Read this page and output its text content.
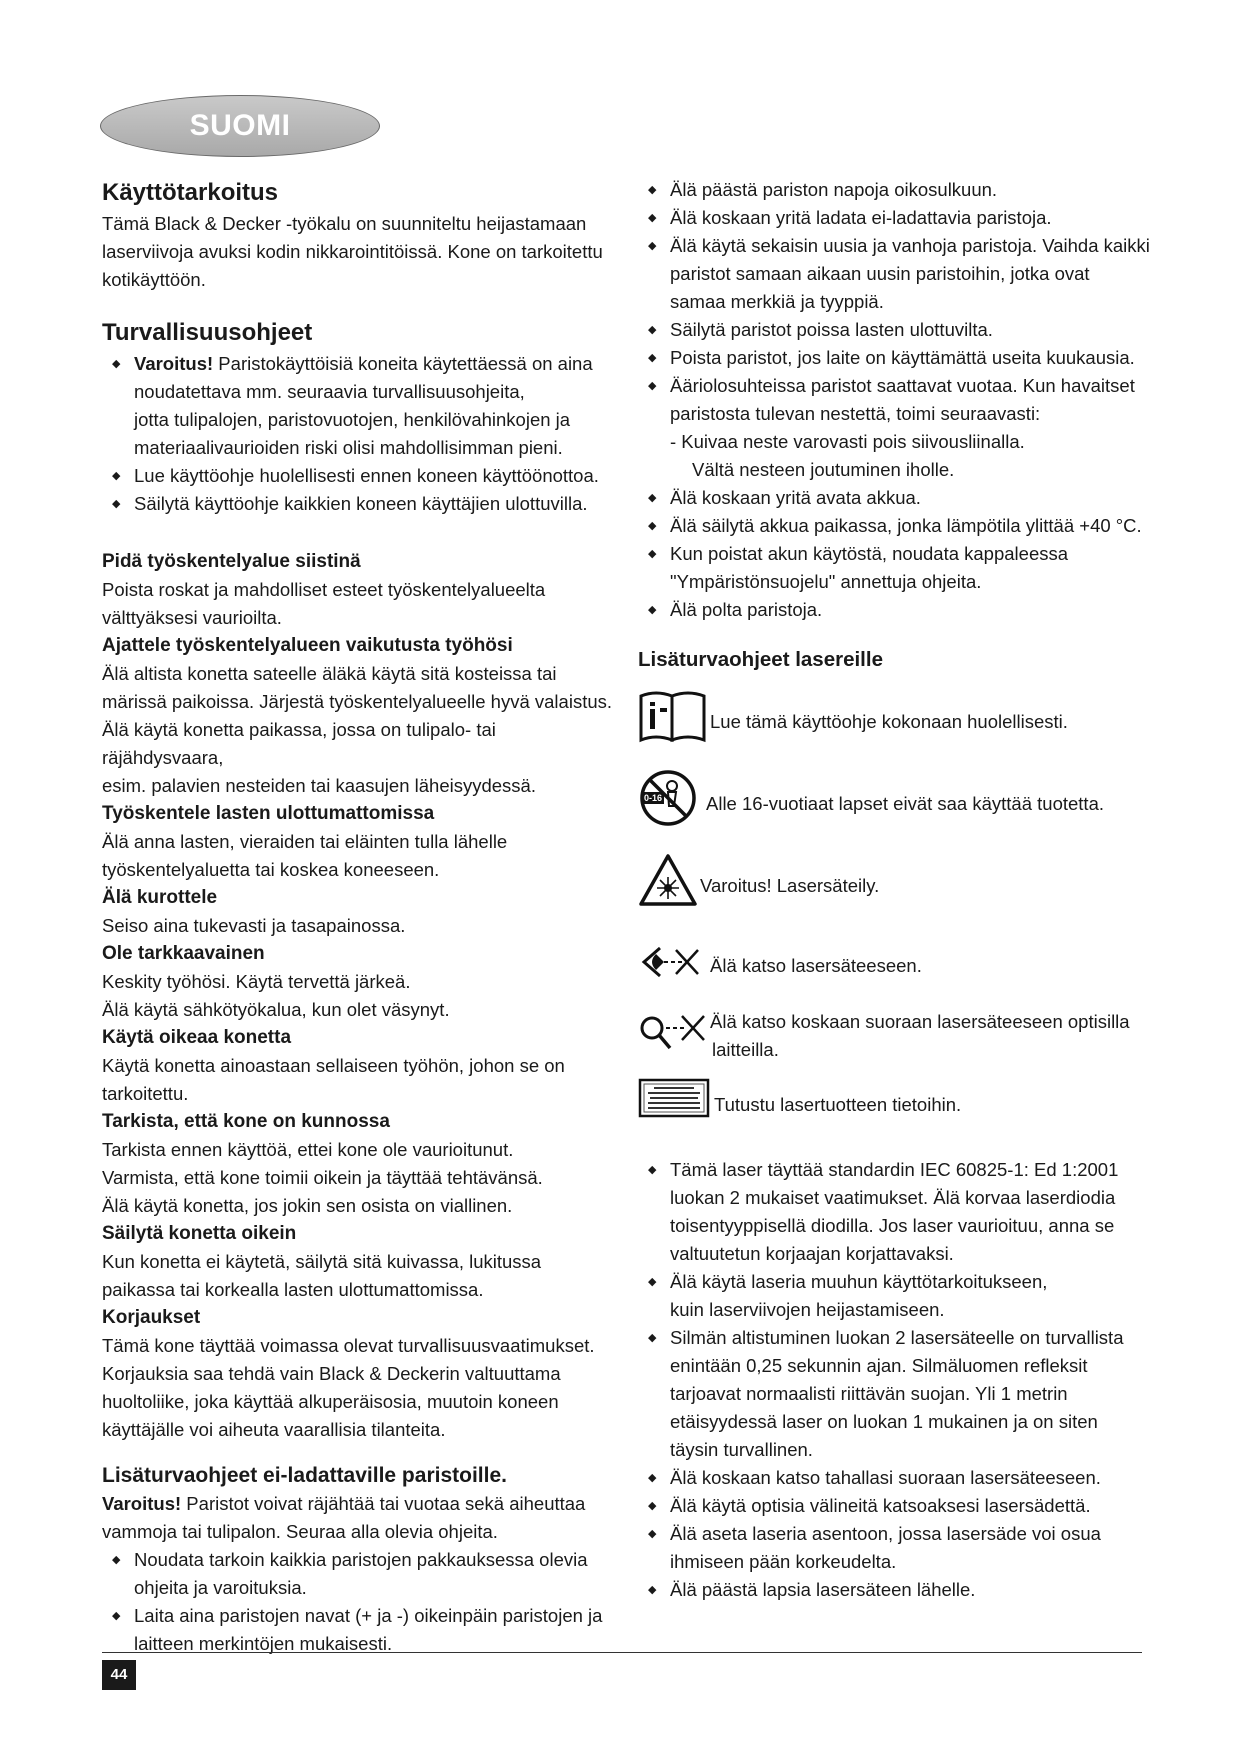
SUOMI
Käyttötarkoitus

Tämä Black & Decker -työkalu on suunniteltu heijastamaan
laserviivoja avuksi kodin nikkarointitöissä. Kone on tarkoitettu
kotikäyttöön.

Turvallisuusohjeet
◆ Varoitus! Paristokäyttöisiä koneita käytettäessä on aina
noudatettava mm. seuraavia turvallisuusohjeita,
jotta tulipalojen, paristovuotojen, henkilövahinkojen ja
materiaalivaurioiden riski olisi mahdollisimman pieni.
◆ Lue käyttöohje huolellisesti ennen koneen käyttöönottoa.
◆ Säilytä käyttöohje kaikkien koneen käyttäjien ulottuvilla.
Pidä työskentelyalue siistinä

Poista roskat ja mahdolliset esteet työskentelyalueelta
välttyäksesi vaurioilta.

Ajattele työskentelyalueen vaikutusta työhösi

Älä altista konetta sateelle äläkä käytä sitä kosteissa tai
märissä paikoissa. Järjestä työskentelyalueelle hyvä valaistus.
Älä käytä konetta paikassa, jossa on tulipalo- tai räjähdysvaara,
esim. palavien nesteiden tai kaasujen läheisyydessä.

Työskentele lasten ulottumattomissa

Älä anna lasten, vieraiden tai eläinten tulla lähelle
työskentelyaluetta tai koskea koneeseen.

Älä kurottele

Seiso aina tukevasti ja tasapainossa.

Ole tarkkaavainen

Keskity työhösi. Käytä tervettä järkeä.
Älä käytä sähkötyökalua, kun olet väsynyt.

Käytä oikeaa konetta

Käytä konetta ainoastaan sellaiseen työhön, johon se on
tarkoitettu.

Tarkista, että kone on kunnossa

Tarkista ennen käyttöä, ettei kone ole vaurioitunut.
Varmista, että kone toimii oikein ja täyttää tehtävänsä.
Älä käytä konetta, jos jokin sen osista on viallinen.

Säilytä konetta oikein

Kun konetta ei käytetä, säilytä sitä kuivassa, lukitussa
paikassa tai korkealla lasten ulottumattomissa.

Korjaukset

Tämä kone täyttää voimassa olevat turvallisuusvaatimukset.
Korjauksia saa tehdä vain Black & Deckerin valtuuttama
huoltoliike, joka käyttää alkuperäisosia, muutoin koneen
käyttäjälle voi aiheuta vaarallisia tilanteita.

Lisäturvaohjeet ei-ladattaville paristoille.

Varoitus! Paristot voivat räjähtää tai vuotaa sekä aiheuttaa
vammoja tai tulipalon. Seuraa alla olevia ohjeita.

◆ Noudata tarkoin kaikkia paristojen pakkauksessa olevia
ohjeita ja varoituksia.
◆ Laita aina paristojen navat (+ ja -) oikeinpäin paristojen ja
laitteen merkintöjen mukaisesti.
◆ Älä päästä pariston napoja oikosulkuun.
◆ Älä koskaan yritä ladata ei-ladattavia paristoja.
◆ Älä käytä sekaisin uusia ja vanhoja paristoja. Vaihda kaikki
paristot samaan aikaan uusin paristoihin, jotka ovat
samaa merkkiä ja tyyppiä.
◆ Säilytä paristot poissa lasten ulottuvilta.
◆ Poista paristot, jos laite on käyttämättä useita kuukausia.
◆ Ääriolosuhteissa paristot saattavat vuotaa. Kun havaitset
paristosta tulevan nestettä, toimi seuraavasti:
- Kuivaa neste varovasti pois siivousliinalla.

Vältä nesteen joutuminen iholle.
◆ Älä koskaan yritä avata akkua.
◆ Älä säilytä akkua paikassa, jonka lämpötila ylittää +40 °C.
◆ Kun poistat akun käytöstä, noudata kappaleessa
"Ympäristönsuojelu" annettuja ohjeita.
◆ Älä polta paristoja.
Lisäturvaohjeet lasereille
Lue tämä käyttöohje kokonaan huolellisesti.
0-16 Alle 16-vuotiaat lapset eivät saa käyttää tuotetta.
Varoitus! Lasersäteily.
Älä katso lasersäteeseen.
Älä katso koskaan suoraan lasersäteeseen optisilla
laitteilla.
Tutustu lasertuotteen tietoihin.
◆ Tämä laser täyttää standardin IEC 60825-1: Ed 1:2001
luokan 2 mukaiset vaatimukset. Älä korvaa laserdiodia
toisentyyppisellä diodilla. Jos laser vaurioituu, anna se
valtuutetun korjaajan korjattavaksi.
◆ Älä käytä laseria muuhun käyttötarkoitukseen,
kuin laserviivojen heijastamiseen.
◆ Silmän altistuminen luokan 2 lasersäteelle on turvallista
enintään 0,25 sekunnin ajan. Silmäluomen refleksit
tarjoavat normaalisti riittävän suojan. Yli 1 metrin
etäisyydessä laser on luokan 1 mukainen ja on siten
täysin turvallinen.
◆ Älä koskaan katso tahallasi suoraan lasersäteeseen.
◆ Älä käytä optisia välineitä katsoaksesi lasersädettä.
◆ Älä aseta laseria asentoon, jossa lasersäde voi osua
ihmiseen pään korkeudelta.
◆ Älä päästä lapsia lasersäteen lähelle.
44
